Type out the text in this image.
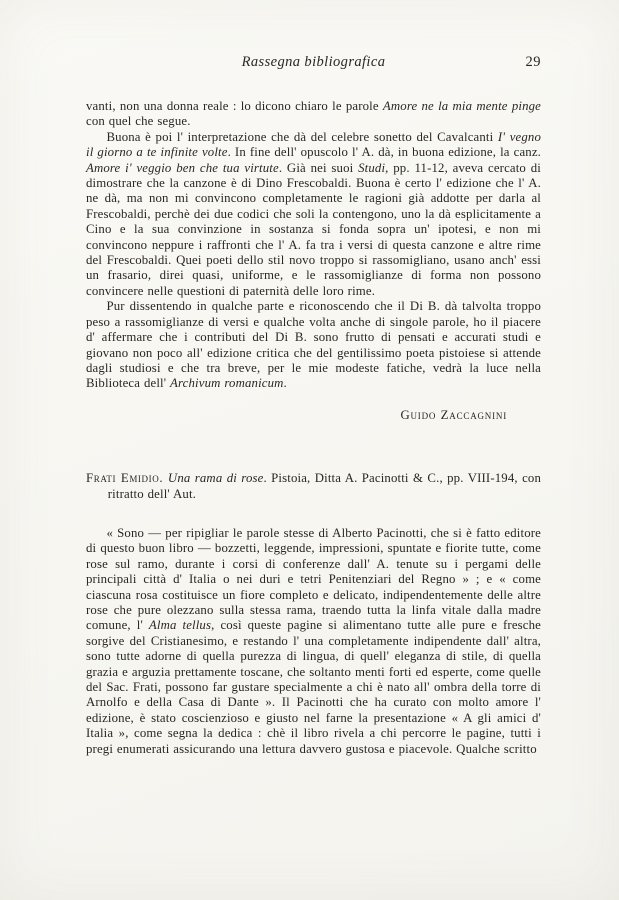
Rassegna bibliografica	29

vanti, non una donna reale : lo dicono chiaro le parole Amore ne la mia mente pinge con quel che segue.

Buona è poi l' interpretazione che dà del celebre sonetto del Cavalcanti I' vegno il giorno a te infinite volte. In fine dell' opuscolo l' A. dà, in buona edizione, la canz. Amore i' veggio ben che tua virtute. Già nei suoi Studi, pp. 11-12, aveva cercato di dimostrare che la canzone è di Dino Frescobaldi. Buona è certo l' edizione che l' A. ne dà, ma non mi convincono completamente le ragioni già addotte per darla al Frescobaldi, perchè dei due codici che soli la contengono, uno la dà esplicitamente a Cino e la sua convinzione in sostanza si fonda sopra un' ipotesi, e non mi convincono neppure i raffronti che l' A. fa tra i versi di questa canzone e altre rime del Frescobaldi. Quei poeti dello stil novo troppo si rassomigliano, usano anch' essi un frasario, direi quasi, uniforme, e le rassomiglianze di forma non possono convincere nelle questioni di paternità delle loro rime.

Pur dissentendo in qualche parte e riconoscendo che il Di B. dà talvolta troppo peso a rassomiglianze di versi e qualche volta anche di singole parole, ho il piacere d' affermare che i contributi del Di B. sono frutto di pensati e accurati studi e giovano non poco all' edizione critica che del gentilissimo poeta pistoiese si attende dagli studiosi e che tra breve, per le mie modeste fatiche, vedrà la luce nella Biblioteca dell' Archivum romanicum.

Guido Zaccagnini

Frati Emidio. Una rama di rose. Pistoia, Ditta A. Pacinotti & C., pp. VIII-194, con ritratto dell' Aut.

« Sono — per ripigliar le parole stesse di Alberto Pacinotti, che si è fatto editore di questo buon libro — bozzetti, leggende, impressioni, spuntate e fiorite tutte, come rose sul ramo, durante i corsi di conferenze dall' A. tenute su i pergami delle principali città d' Italia o nei duri e tetri Penitenziari del Regno » ; e « come ciascuna rosa costituisce un fiore completo e delicato, indipendentemente delle altre rose che pure olezzano sulla stessa rama, traendo tutta la linfa vitale dalla madre comune, l' Alma tellus, così queste pagine si alimentano tutte alle pure e fresche sorgive del Cristianesimo, e restando l' una completamente indipendente dall' altra, sono tutte adorne di quella purezza di lingua, di quell' eleganza di stile, di quella grazia e arguzia prettamente toscane, che soltanto menti forti ed esperte, come quelle del Sac. Frati, possono far gustare specialmente a chi è nato all' ombra della torre di Arnolfo e della Casa di Dante ». Il Pacinotti che ha curato con molto amore l' edizione, è stato coscienzioso e giusto nel farne la presentazione « A gli amici d' Italia », come segna la dedica : chè il libro rivela a chi percorre le pagine, tutti i pregi enumerati assicurando una lettura davvero gustosa e piacevole. Qualche scritto
